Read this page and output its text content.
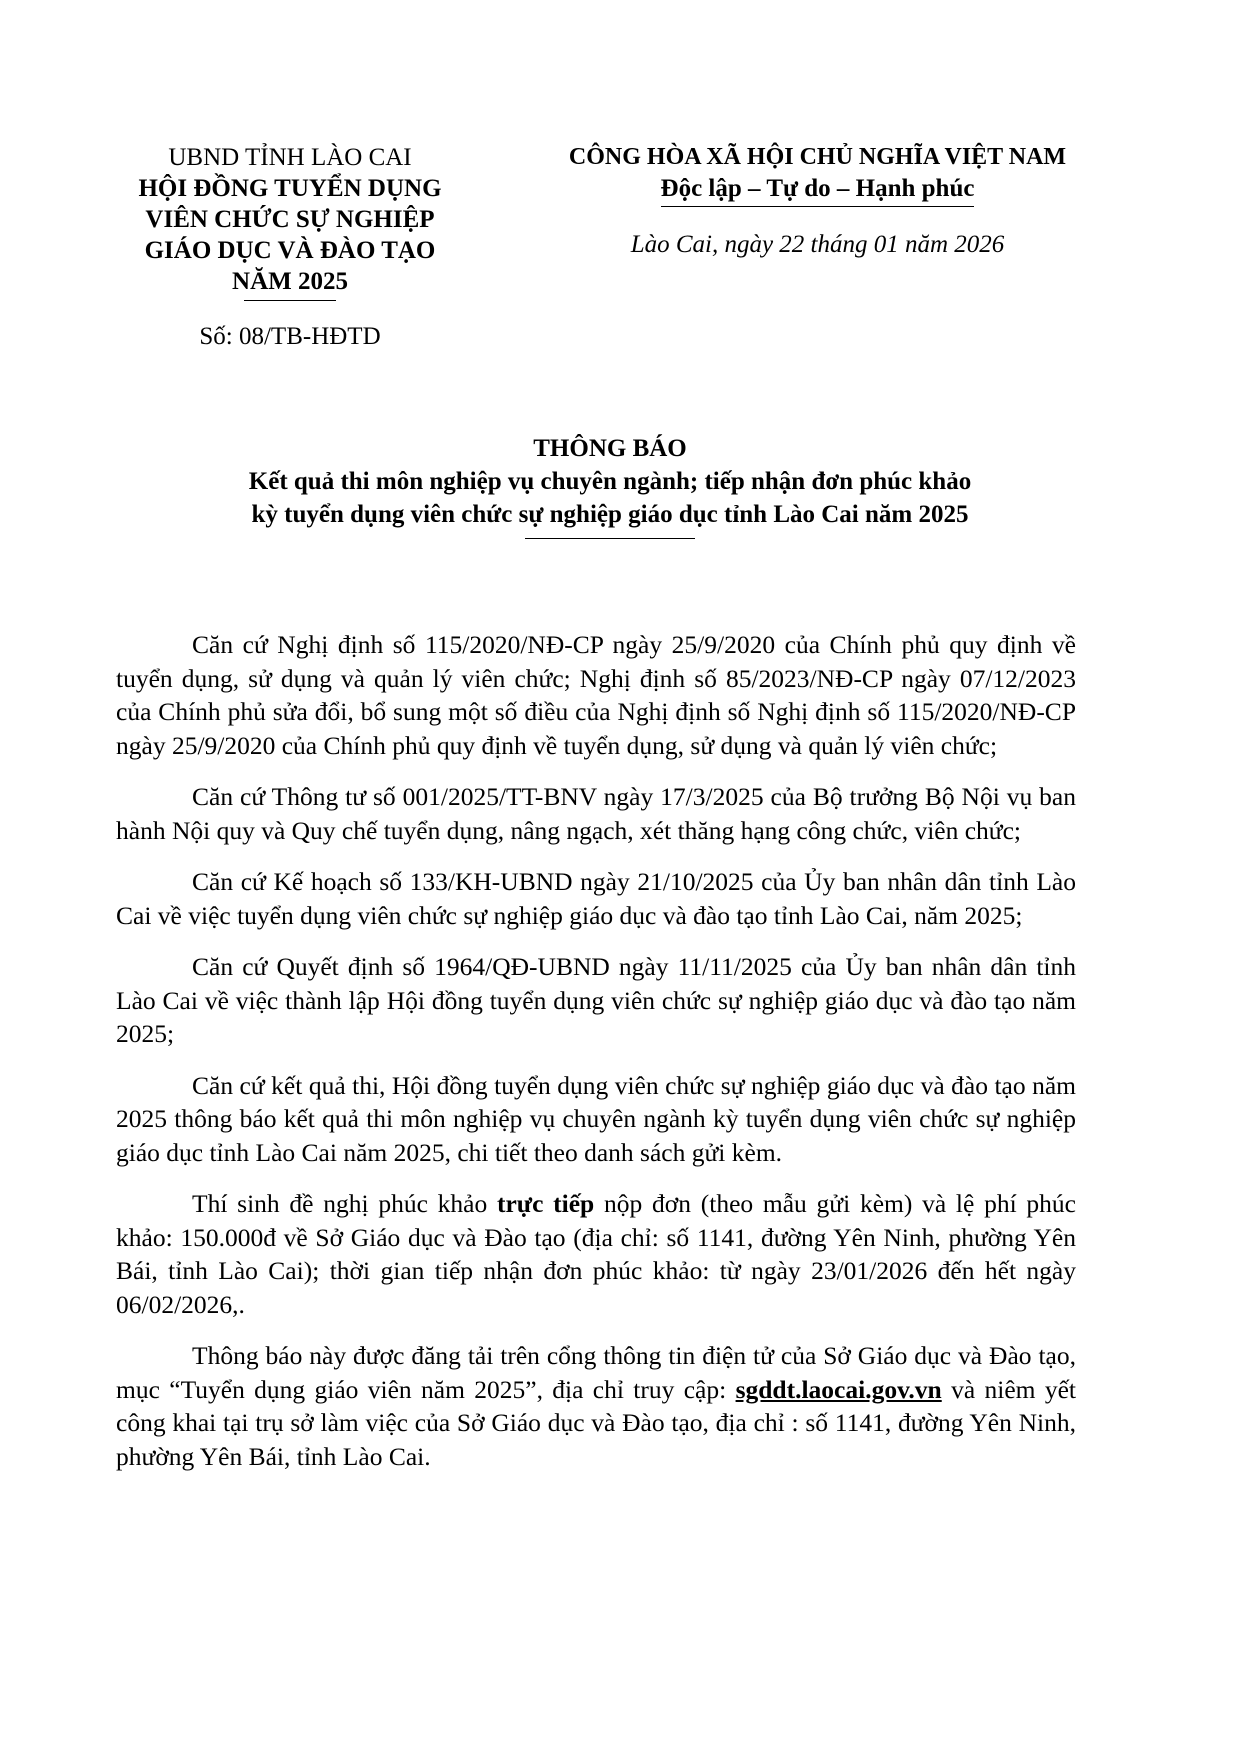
UBND TỈNH LÀO CAI
HỘI ĐỒNG TUYỂN DỤNG
VIÊN CHỨC SỰ NGHIỆP
GIÁO DỤC VÀ ĐÀO TẠO
NĂM 2025
Số: 08/TB-HĐTD
CÔNG HÒA XÃ HỘI CHỦ NGHĨA VIỆT NAM
Độc lập – Tự do – Hạnh phúc
Lào Cai, ngày 22 tháng 01 năm 2026
THÔNG BÁO
Kết quả thi môn nghiệp vụ chuyên ngành; tiếp nhận đơn phúc khảo
kỳ tuyển dụng viên chức sự nghiệp giáo dục tỉnh Lào Cai năm 2025

Căn cứ Nghị định số 115/2020/NĐ-CP ngày 25/9/2020 của Chính phủ quy định về tuyển dụng, sử dụng và quản lý viên chức; Nghị định số 85/2023/NĐ-CP ngày 07/12/2023 của Chính phủ sửa đổi, bổ sung một số điều của Nghị định số Nghị định số 115/2020/NĐ-CP ngày 25/9/2020 của Chính phủ quy định về tuyển dụng, sử dụng và quản lý viên chức;

Căn cứ Thông tư số 001/2025/TT-BNV ngày 17/3/2025 của Bộ trưởng Bộ Nội vụ ban hành Nội quy và Quy chế tuyển dụng, nâng ngạch, xét thăng hạng công chức, viên chức;

Căn cứ Kế hoạch số 133/KH-UBND ngày 21/10/2025 của Ủy ban nhân dân tỉnh Lào Cai về việc tuyển dụng viên chức sự nghiệp giáo dục và đào tạo tỉnh Lào Cai, năm 2025;

Căn cứ Quyết định số 1964/QĐ-UBND ngày 11/11/2025 của Ủy ban nhân dân tỉnh Lào Cai về việc thành lập Hội đồng tuyển dụng viên chức sự nghiệp giáo dục và đào tạo năm 2025;

Căn cứ kết quả thi, Hội đồng tuyển dụng viên chức sự nghiệp giáo dục và đào tạo năm 2025 thông báo kết quả thi môn nghiệp vụ chuyên ngành kỳ tuyển dụng viên chức sự nghiệp giáo dục tỉnh Lào Cai năm 2025, chi tiết theo danh sách gửi kèm.

Thí sinh đề nghị phúc khảo trực tiếp nộp đơn (theo mẫu gửi kèm) và lệ phí phúc khảo: 150.000đ về Sở Giáo dục và Đào tạo (địa chỉ: số 1141, đường Yên Ninh, phường Yên Bái, tỉnh Lào Cai); thời gian tiếp nhận đơn phúc khảo: từ ngày 23/01/2026 đến hết ngày 06/02/2026,.

Thông báo này được đăng tải trên cổng thông tin điện tử của Sở Giáo dục và Đào tạo, mục “Tuyển dụng giáo viên năm 2025”, địa chỉ truy cập: sgddt.laocai.gov.vn và niêm yết công khai tại trụ sở làm việc của Sở Giáo dục và Đào tạo, địa chỉ : số 1141, đường Yên Ninh, phường Yên Bái, tỉnh Lào Cai.
